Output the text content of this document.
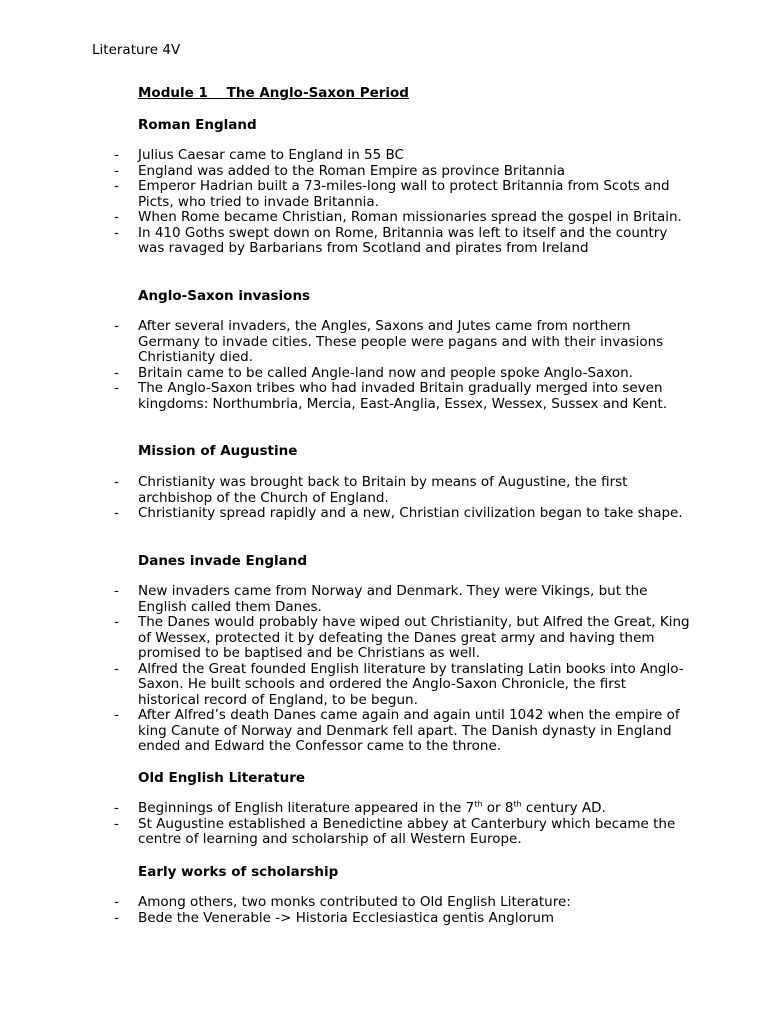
Literature 4V
Module 1    The Anglo-Saxon Period
Roman England
- Julius Caesar came to England in 55 BC
- England was added to the Roman Empire as province Britannia
- Emperor Hadrian built a 73-miles-long wall to protect Britannia from Scots and Picts, who tried to invade Britannia.
- When Rome became Christian, Roman missionaries spread the gospel in Britain.
- In 410 Goths swept down on Rome, Britannia was left to itself and the country was ravaged by Barbarians from Scotland and pirates from Ireland
Anglo-Saxon invasions
- After several invaders, the Angles, Saxons and Jutes came from northern Germany to invade cities. These people were pagans and with their invasions Christianity died.
- Britain came to be called Angle-land now and people spoke Anglo-Saxon.
- The Anglo-Saxon tribes who had invaded Britain gradually merged into seven kingdoms: Northumbria, Mercia, East-Anglia, Essex, Wessex, Sussex and Kent.
Mission of Augustine
- Christianity was brought back to Britain by means of Augustine, the first archbishop of the Church of England.
- Christianity spread rapidly and a new, Christian civilization began to take shape.
Danes invade England
- New invaders came from Norway and Denmark. They were Vikings, but the English called them Danes.
- The Danes would probably have wiped out Christianity, but Alfred the Great, King of Wessex, protected it by defeating the Danes great army and having them promised to be baptised and be Christians as well.
- Alfred the Great founded English literature by translating Latin books into Anglo-Saxon. He built schools and ordered the Anglo-Saxon Chronicle, the first historical record of England, to be begun.
- After Alfred’s death Danes came again and again until 1042 when the empire of king Canute of Norway and Denmark fell apart. The Danish dynasty in England ended and Edward the Confessor came to the throne.
Old English Literature
- Beginnings of English literature appeared in the 7th or 8th century AD.
- St Augustine established a Benedictine abbey at Canterbury which became the centre of learning and scholarship of all Western Europe.
Early works of scholarship
- Among others, two monks contributed to Old English Literature:
- Bede the Venerable -> Historia Ecclesiastica gentis Anglorum
